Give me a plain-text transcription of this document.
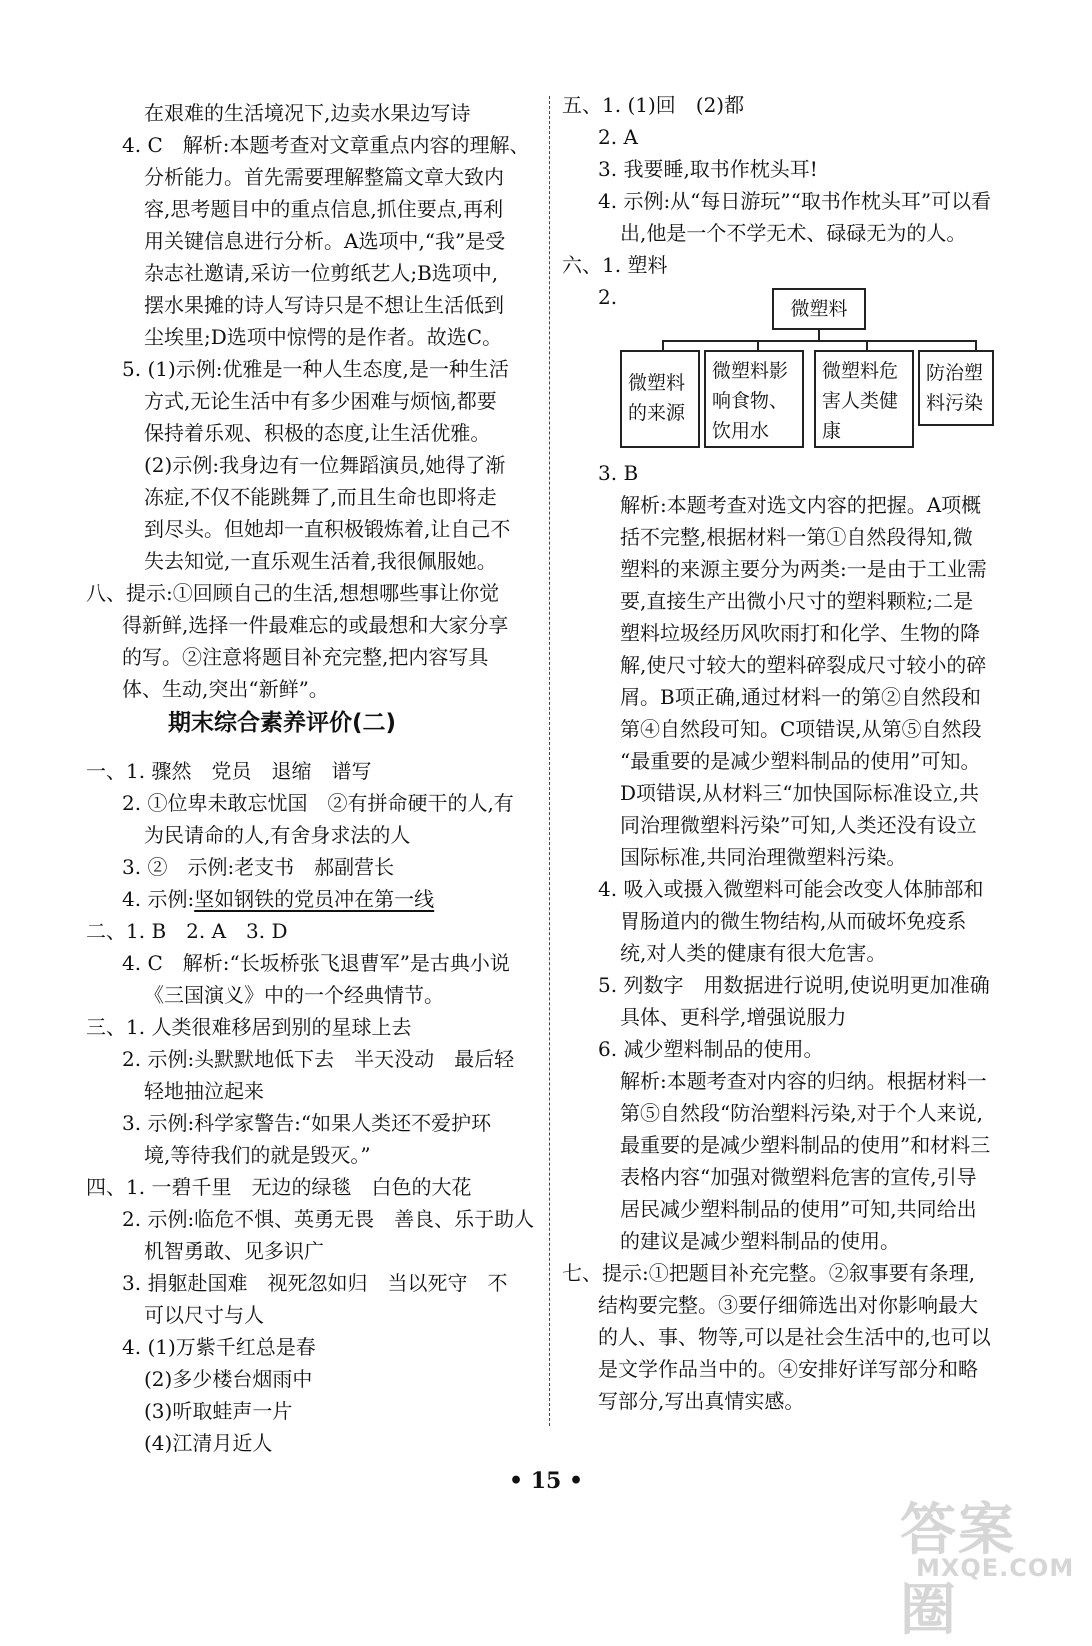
期末综合素养评价(二)
4. 示例:坚如钢铁的党员冲在第一线
在艰难的生活境况下,边卖水果边写诗
4. C　解析:本题考查对文章重点内容的理解、
分析能力。首先需要理解整篇文章大致内
容,思考题目中的重点信息,抓住要点,再利
用关键信息进行分析。A选项中,“我”是受
杂志社邀请,采访一位剪纸艺人;B选项中,
摆水果摊的诗人写诗只是不想让生活低到
尘埃里;D选项中惊愕的是作者。故选C。
5. (1)示例:优雅是一种人生态度,是一种生活
方式,无论生活中有多少困难与烦恼,都要
保持着乐观、积极的态度,让生活优雅。
(2)示例:我身边有一位舞蹈演员,她得了渐
冻症,不仅不能跳舞了,而且生命也即将走
到尽头。但她却一直积极锻炼着,让自己不
失去知觉,一直乐观生活着,我很佩服她。
八、提示:①回顾自己的生活,想想哪些事让你觉
得新鲜,选择一件最难忘的或最想和大家分享
的写。②注意将题目补充完整,把内容写具
体、生动,突出“新鲜”。
一、1. 骤然　党员　退缩　谱写
2. ①位卑未敢忘忧国　②有拼命硬干的人,有
为民请命的人,有舍身求法的人
3. ②　示例:老支书　郝副营长
二、1. B　2. A　3. D
4. C　解析:“长坂桥张飞退曹军”是古典小说
《三国演义》中的一个经典情节。
三、1. 人类很难移居到别的星球上去
2. 示例:头默默地低下去　半天没动　最后轻
轻地抽泣起来
3. 示例:科学家警告:“如果人类还不爱护环
境,等待我们的就是毁灭。”
四、1. 一碧千里　无边的绿毯　白色的大花
2. 示例:临危不惧、英勇无畏　善良、乐于助人
机智勇敢、见多识广
3. 捐躯赴国难　视死忽如归　当以死守　不
可以尺寸与人
4. (1)万紫千红总是春
(2)多少楼台烟雨中
(3)听取蛙声一片
(4)江清月近人
微塑料
微塑料
的来源
微塑料影
响食物、
饮用水
微塑料危
害人类健
康
防治塑
料污染
五、1. (1)回　(2)都
2. A
3. 我要睡,取书作枕头耳!
4. 示例:从“每日游玩”“取书作枕头耳”可以看
出,他是一个不学无术、碌碌无为的人。
六、1. 塑料
2.
3. B
解析:本题考查对选文内容的把握。A项概
括不完整,根据材料一第①自然段得知,微
塑料的来源主要分为两类:一是由于工业需
要,直接生产出微小尺寸的塑料颗粒;二是
塑料垃圾经历风吹雨打和化学、生物的降
解,使尺寸较大的塑料碎裂成尺寸较小的碎
屑。B项正确,通过材料一的第②自然段和
第④自然段可知。C项错误,从第⑤自然段
“最重要的是减少塑料制品的使用”可知。
D项错误,从材料三“加快国际标准设立,共
同治理微塑料污染”可知,人类还没有设立
国际标准,共同治理微塑料污染。
4. 吸入或摄入微塑料可能会改变人体肺部和
胃肠道内的微生物结构,从而破坏免疫系
统,对人类的健康有很大危害。
5. 列数字　用数据进行说明,使说明更加准确
具体、更科学,增强说服力
6. 减少塑料制品的使用。
解析:本题考查对内容的归纳。根据材料一
第⑤自然段“防治塑料污染,对于个人来说,
最重要的是减少塑料制品的使用”和材料三
表格内容“加强对微塑料危害的宣传,引导
居民减少塑料制品的使用”可知,共同给出
的建议是减少塑料制品的使用。
七、提示:①把题目补充完整。②叙事要有条理,
结构要完整。③要仔细筛选出对你影响最大
的人、事、物等,可以是社会生活中的,也可以
是文学作品当中的。④安排好详写部分和略
写部分,写出真情实感。
• 15 •
答案圈
MXQE.COM
